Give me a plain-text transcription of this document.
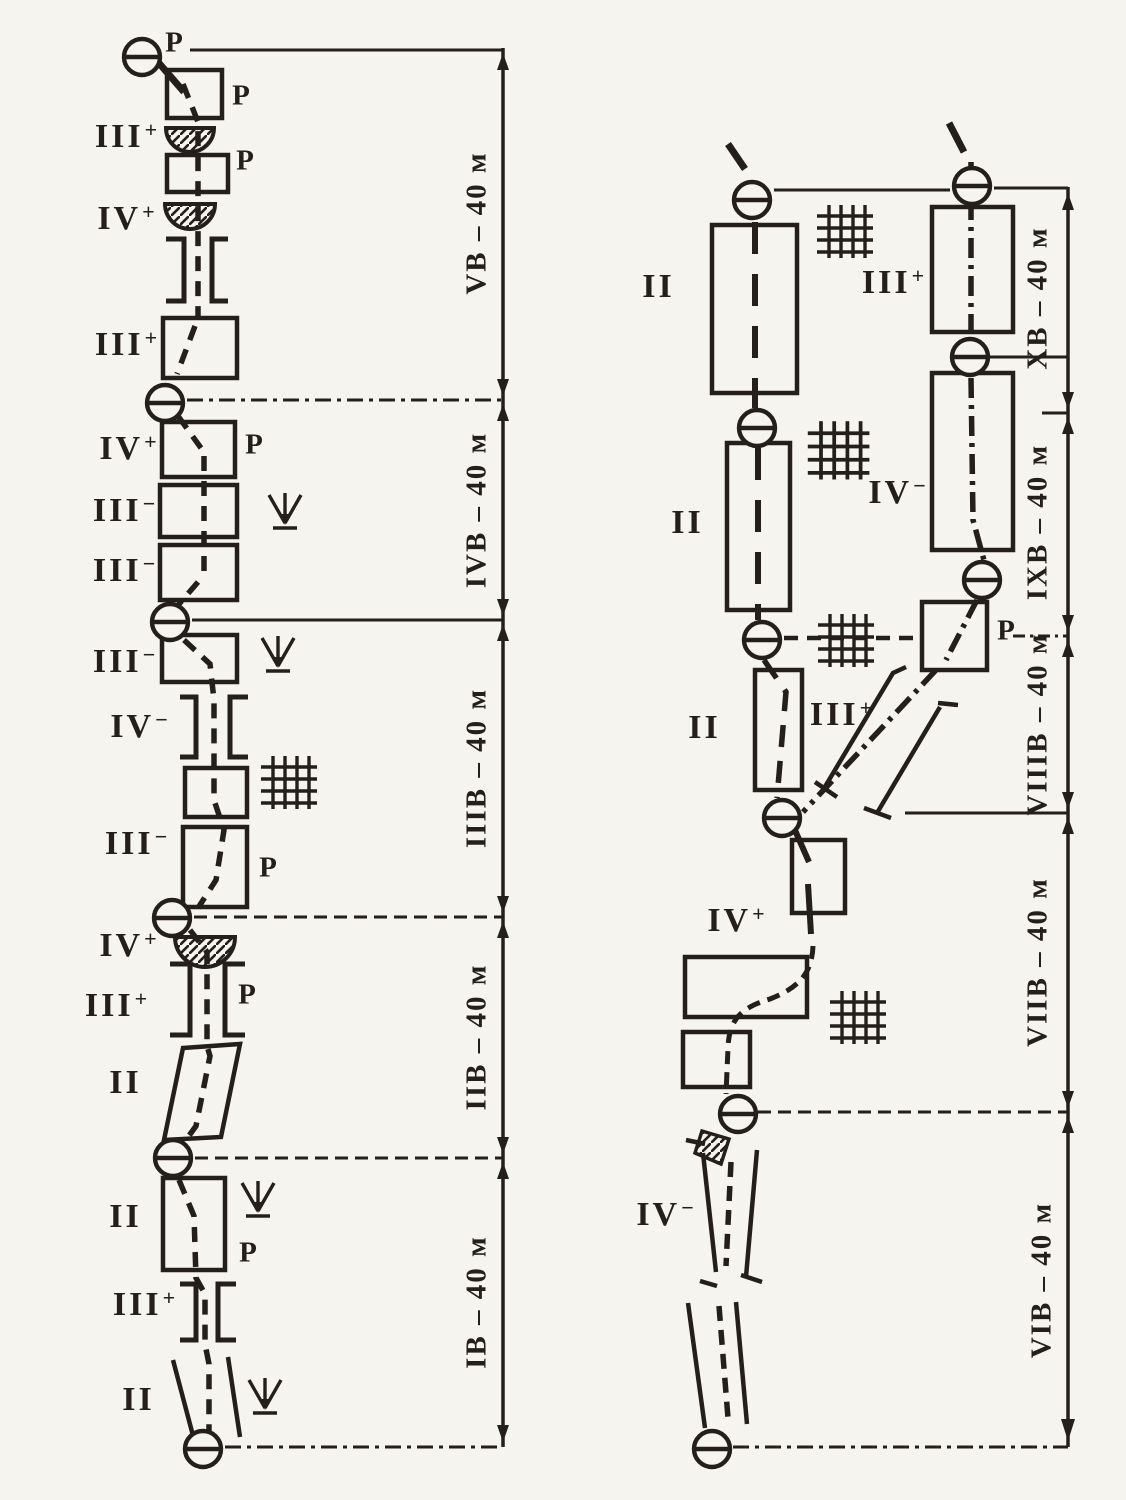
III+
IV+
III+
IV+
III−
III−
III−
IV−
III−
IV+
III+
II
II
III+
II
II	III+
II
IV−
II	III+
IV+
IV−
P
P
P
P
P
P
P
P
VB – 40 м
IVB – 40 м
IIIB – 40 м
IIB – 40 м
IB – 40 м
XB – 40 м
IXB – 40 м
VIIIB – 40 м
VIIB – 40 м
VIB – 40 м
